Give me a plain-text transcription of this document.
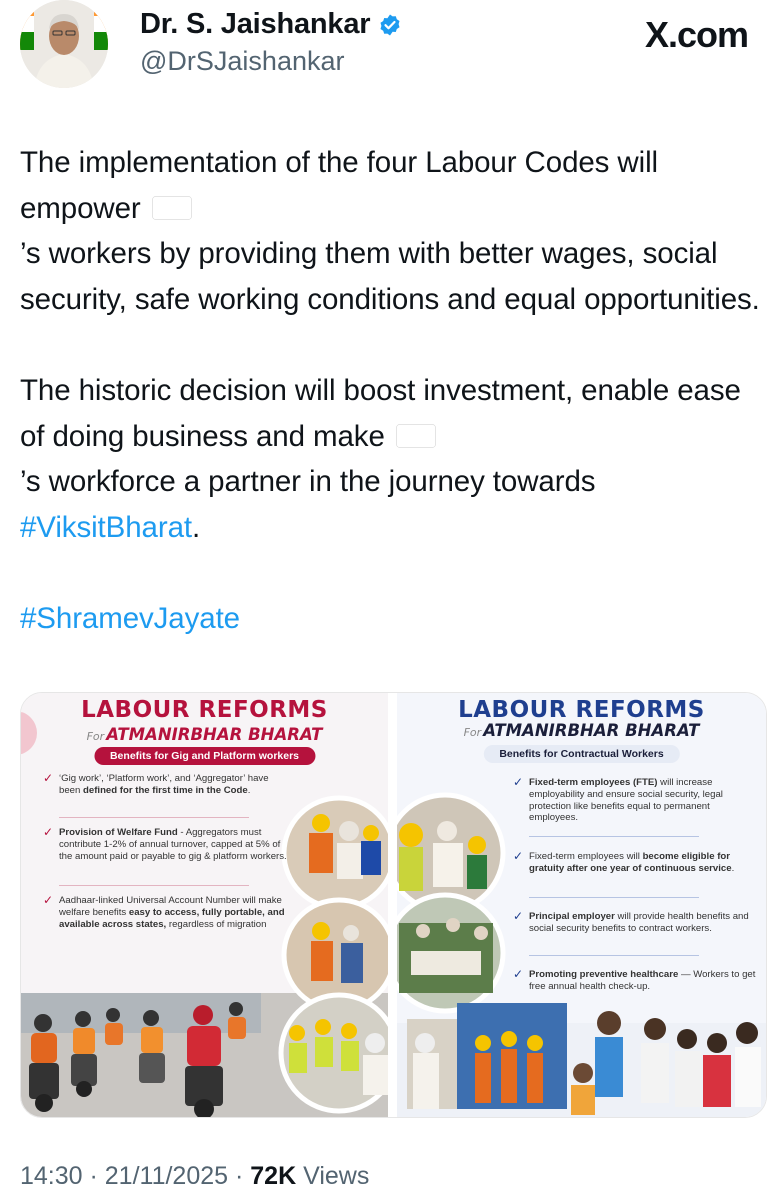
Dr. S. Jaishankar
@DrSJaishankar
X.com

The implementation of the four Labour Codes will empower

’s workers by providing them with better wages, social security, safe working conditions and equal opportunities.

The historic decision will boost investment, enable ease of doing business and make

’s workforce a partner in the journey towards #ViksitBharat.

#ShramevJayate

LABOUR REFORMS
For ATMANIRBHAR BHARAT
Benefits for Gig and Platform workers
✓ ‘Gig work’, ‘Platform work’, and ‘Aggregator’ have been defined for the first time in the Code.
✓ Provision of Welfare Fund - Aggregators must contribute 1-2% of annual turnover, capped at 5% of the amount paid or payable to gig & platform workers.
✓ Aadhaar-linked Universal Account Number will make welfare benefits easy to access, fully portable, and available across states, regardless of migration
LABOUR REFORMS
For ATMANIRBHAR BHARAT
Benefits for Contractual Workers
✓ Fixed-term employees (FTE) will increase employability and ensure social security, legal protection like benefits equal to permanent employees.
✓ Fixed-term employees will become eligible for gratuity after one year of continuous service.
✓ Principal employer will provide health benefits and social security benefits to contract workers.
✓ Promoting preventive healthcare — Workers to get free annual health check-up.
14:30 · 21/11/2025 · 72K Views
